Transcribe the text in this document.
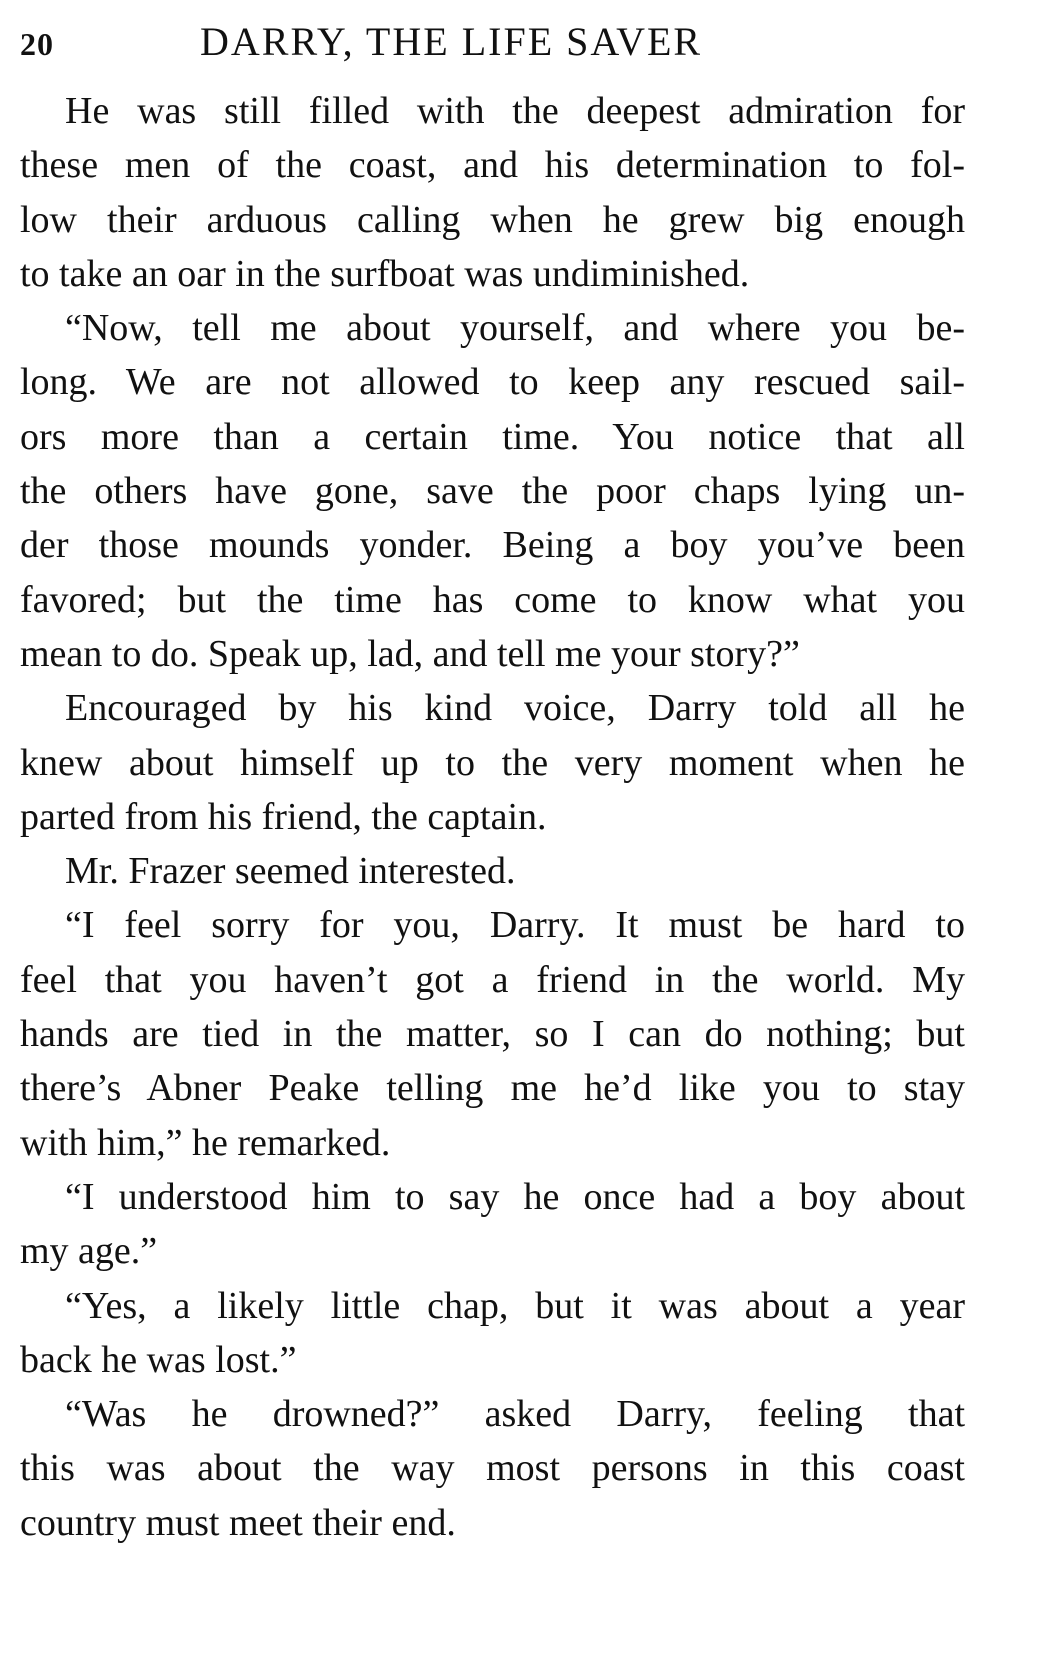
20	DARRY, THE LIFE SAVER
He was still filled with the deepest admiration for
these men of the coast, and his determination to fol-
low their arduous calling when he grew big enough
to take an oar in the surfboat was undiminished.
“Now, tell me about yourself, and where you be-
long. We are not allowed to keep any rescued sail-
ors more than a certain time. You notice that all
the others have gone, save the poor chaps lying un-
der those mounds yonder. Being a boy you’ve been
favored; but the time has come to know what you
mean to do. Speak up, lad, and tell me your story?”
Encouraged by his kind voice, Darry told all he
knew about himself up to the very moment when he
parted from his friend, the captain.
Mr. Frazer seemed interested.
“I feel sorry for you, Darry. It must be hard to
feel that you haven’t got a friend in the world. My
hands are tied in the matter, so I can do nothing; but
there’s Abner Peake telling me he’d like you to stay
with him,” he remarked.
“I understood him to say he once had a boy about
my age.”
“Yes, a likely little chap, but it was about a year
back he was lost.”
“Was he drowned?” asked Darry, feeling that
this was about the way most persons in this coast
country must meet their end.
